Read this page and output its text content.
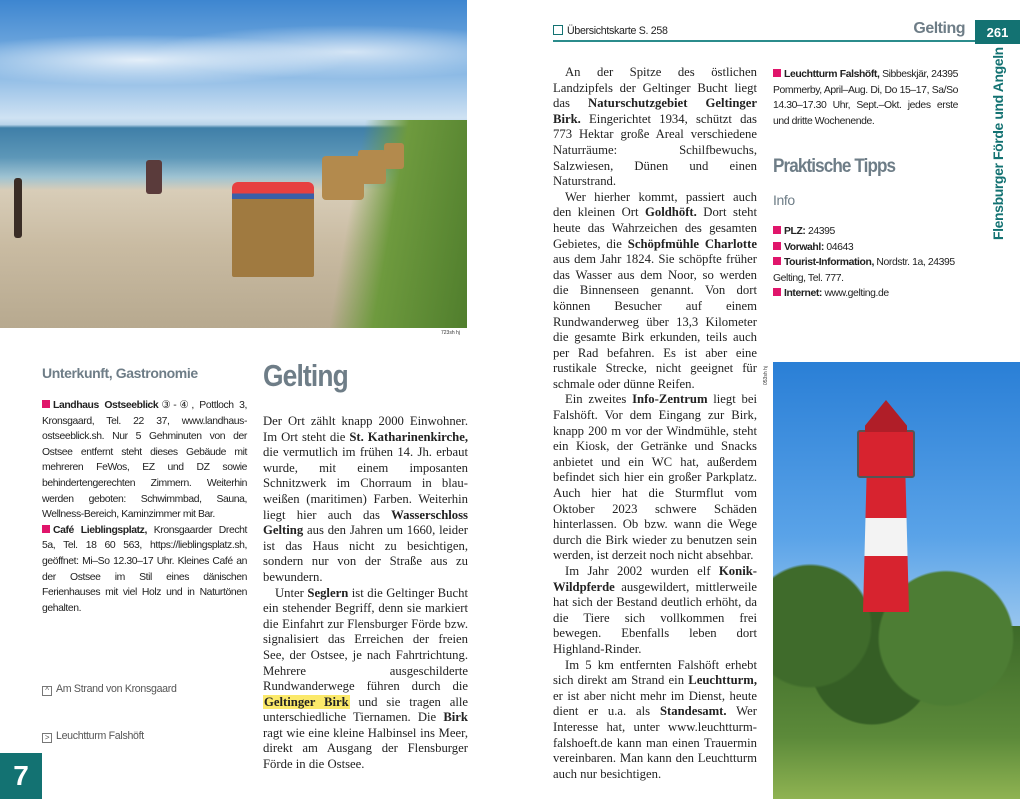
723sh hj
Unterkunft, Gastronomie
Landhaus Ostseeblick③-④, Pottloch 3, Kronsgaard, Tel. 22 37, www.landhaus-ostseeblick.sh. Nur 5 Gehminuten von der Ostsee entfernt steht dieses Gebäude mit mehreren FeWos, EZ und DZ sowie behindertengerechten Zimmern. Weiterhin werden geboten: Schwimmbad, Sauna, Wellness-Bereich, Kaminzimmer mit Bar.
Café Lieblingsplatz, Kronsgaarder Drecht 5a, Tel. 18 60 563, https://lieblingsplatz.sh, geöffnet: Mi–So 12.30–17 Uhr. Kleines Café an der Ostsee im Stil eines dänischen Ferienhauses mit viel Holz und in Naturtönen gehalten.
^ Am Strand von Kronsgaard
> Leuchtturm Falshöft
7
Gelting

Der Ort zählt knapp 2000 Einwohner. Im Ort steht die St. Katharinenkirche, die vermutlich im frühen 14. Jh. erbaut wurde, mit einem imposanten Schnitzwerk im Chorraum in blau-weißen (maritimen) Farben. Weiterhin liegt hier auch das Wasserschloss Gelting aus den Jahren um 1660, leider ist das Haus nicht zu besichtigen, sondern nur von der Straße aus zu bewundern.

Unter Seglern ist die Geltinger Bucht ein stehender Begriff, denn sie markiert die Einfahrt zur Flensburger Förde bzw. signalisiert das Erreichen der freien See, der Ostsee, je nach Fahrtrichtung. Mehrere ausgeschilderte Rundwanderwege führen durch die Geltinger Birk und sie tragen alle unterschiedliche Tiernamen. Die Birk ragt wie eine kleine Halbinsel ins Meer, direkt am Ausgang der Flensburger Förde in die Ostsee.

Übersichtskarte S. 258	Gelting	261

An der Spitze des östlichen Landzipfels der Geltinger Bucht liegt das Naturschutzgebiet Geltinger Birk. Eingerichtet 1934, schützt das 773 Hektar große Areal verschiedene Naturräume: Schilfbewuchs, Salzwiesen, Dünen und einen Naturstrand.

Wer hierher kommt, passiert auch den kleinen Ort Goldhöft. Dort steht heute das Wahrzeichen des gesamten Gebietes, die Schöpfmühle Charlotte aus dem Jahr 1824. Sie schöpfte früher das Wasser aus dem Noor, so werden die Binnenseen genannt. Von dort können Besucher auf einem Rundwanderweg über 13,3 Kilometer die gesamte Birk erkunden, teils auch per Rad befahren. Es ist aber eine rustikale Strecke, nicht geeignet für schmale oder dünne Reifen.

Ein zweites Info-Zentrum liegt bei Falshöft. Vor dem Eingang zur Birk, knapp 200 m vor der Windmühle, steht ein Kiosk, der Getränke und Snacks anbietet und ein WC hat, außerdem befindet sich hier ein großer Parkplatz. Auch hier hat die Sturmflut vom Oktober 2023 schwere Schäden hinterlassen. Ob bzw. wann die Wege durch die Birk wieder zu benutzen sein werden, ist derzeit noch nicht absehbar.

Im Jahr 2002 wurden elf Konik-Wildpferde ausgewildert, mittlerweile hat sich der Bestand deutlich erhöht, da die Tiere sich vollkommen frei bewegen. Ebenfalls leben dort Highland-Rinder.

Im 5 km entfernten Falshöft erhebt sich direkt am Strand ein Leuchtturm, er ist aber nicht mehr im Dienst, heute dient er u.a. als Standesamt. Wer Interesse hat, unter www.leuchtturm-falshoeft.de kann man einen Trauermin vereinbaren. Man kann den Leuchtturm auch nur besichtigen.

Leuchtturm Falshöft, Sibbeskjär, 24395 Pommerby, April–Aug. Di, Do 15–17, Sa/So 14.30–17.30 Uhr, Sept.–Okt. jedes erste und dritte Wochenende.
Praktische Tipps
Info
PLZ: 24395
Vorwahl: 04643
Tourist-Information, Nordstr. 1a, 24395 Gelting, Tel. 777.
Internet: www.gelting.de
Flensburger Förde und Angeln
053sh hj
